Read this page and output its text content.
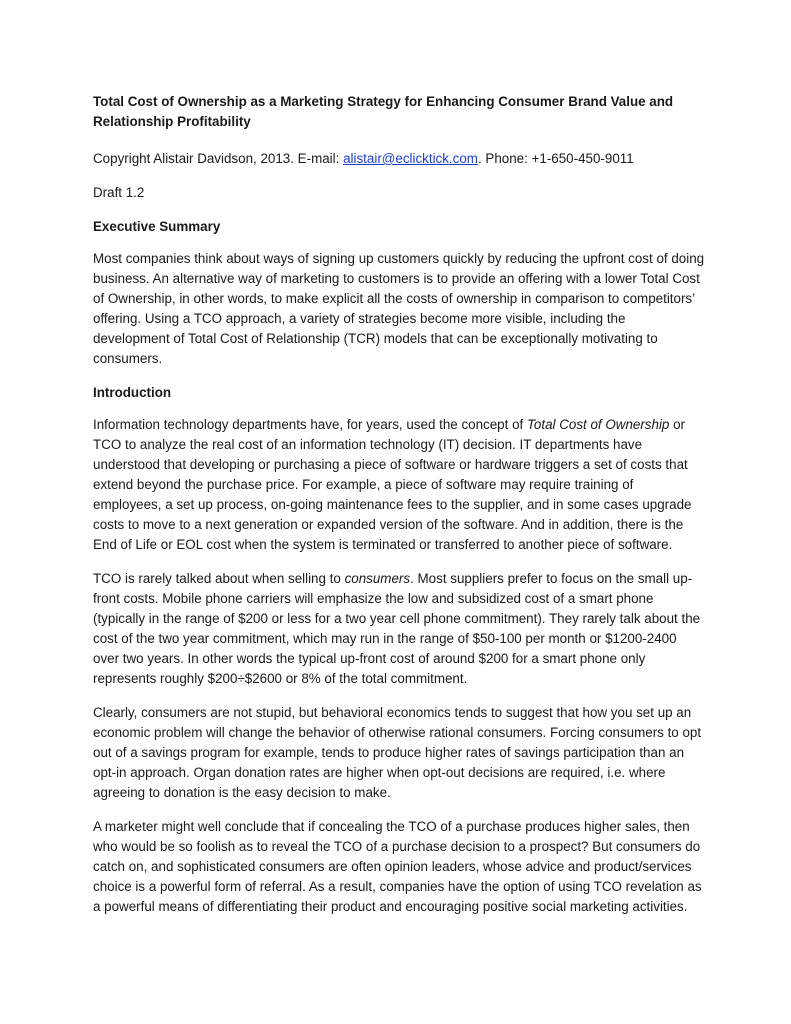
Total Cost of Ownership as a Marketing Strategy for Enhancing Consumer Brand Value and Relationship Profitability

Copyright Alistair Davidson, 2013. E-mail: alistair@eclicktick.com. Phone: +1-650-450-9011

Draft 1.2

Executive Summary

Most companies think about ways of signing up customers quickly by reducing the upfront cost of doing business. An alternative way of marketing to customers is to provide an offering with a lower Total Cost of Ownership, in other words, to make explicit all the costs of ownership in comparison to competitors’ offering. Using a TCO approach, a variety of strategies become more visible, including the development of Total Cost of Relationship (TCR) models that can be exceptionally motivating to consumers.

Introduction

Information technology departments have, for years, used the concept of Total Cost of Ownership or TCO to analyze the real cost of an information technology (IT) decision. IT departments have understood that developing or purchasing a piece of software or hardware triggers a set of costs that extend beyond the purchase price. For example, a piece of software may require training of employees, a set up process, on-going maintenance fees to the supplier, and in some cases upgrade costs to move to a next generation or expanded version of the software. And in addition, there is the End of Life or EOL cost when the system is terminated or transferred to another piece of software.

TCO is rarely talked about when selling to consumers. Most suppliers prefer to focus on the small up-front costs. Mobile phone carriers will emphasize the low and subsidized cost of a smart phone (typically in the range of $200 or less for a two year cell phone commitment). They rarely talk about the cost of the two year commitment, which may run in the range of $50-100 per month or $1200-2400 over two years. In other words the typical up-front cost of around $200 for a smart phone only represents roughly $200÷$2600 or 8% of the total commitment.

Clearly, consumers are not stupid, but behavioral economics tends to suggest that how you set up an economic problem will change the behavior of otherwise rational consumers. Forcing consumers to opt out of a savings program for example, tends to produce higher rates of savings participation than an opt-in approach. Organ donation rates are higher when opt-out decisions are required, i.e. where agreeing to donation is the easy decision to make.

A marketer might well conclude that if concealing the TCO of a purchase produces higher sales, then who would be so foolish as to reveal the TCO of a purchase decision to a prospect? But consumers do catch on, and sophisticated consumers are often opinion leaders, whose advice and product/services choice is a powerful form of referral. As a result, companies have the option of using TCO revelation as a powerful means of differentiating their product and encouraging positive social marketing activities.
